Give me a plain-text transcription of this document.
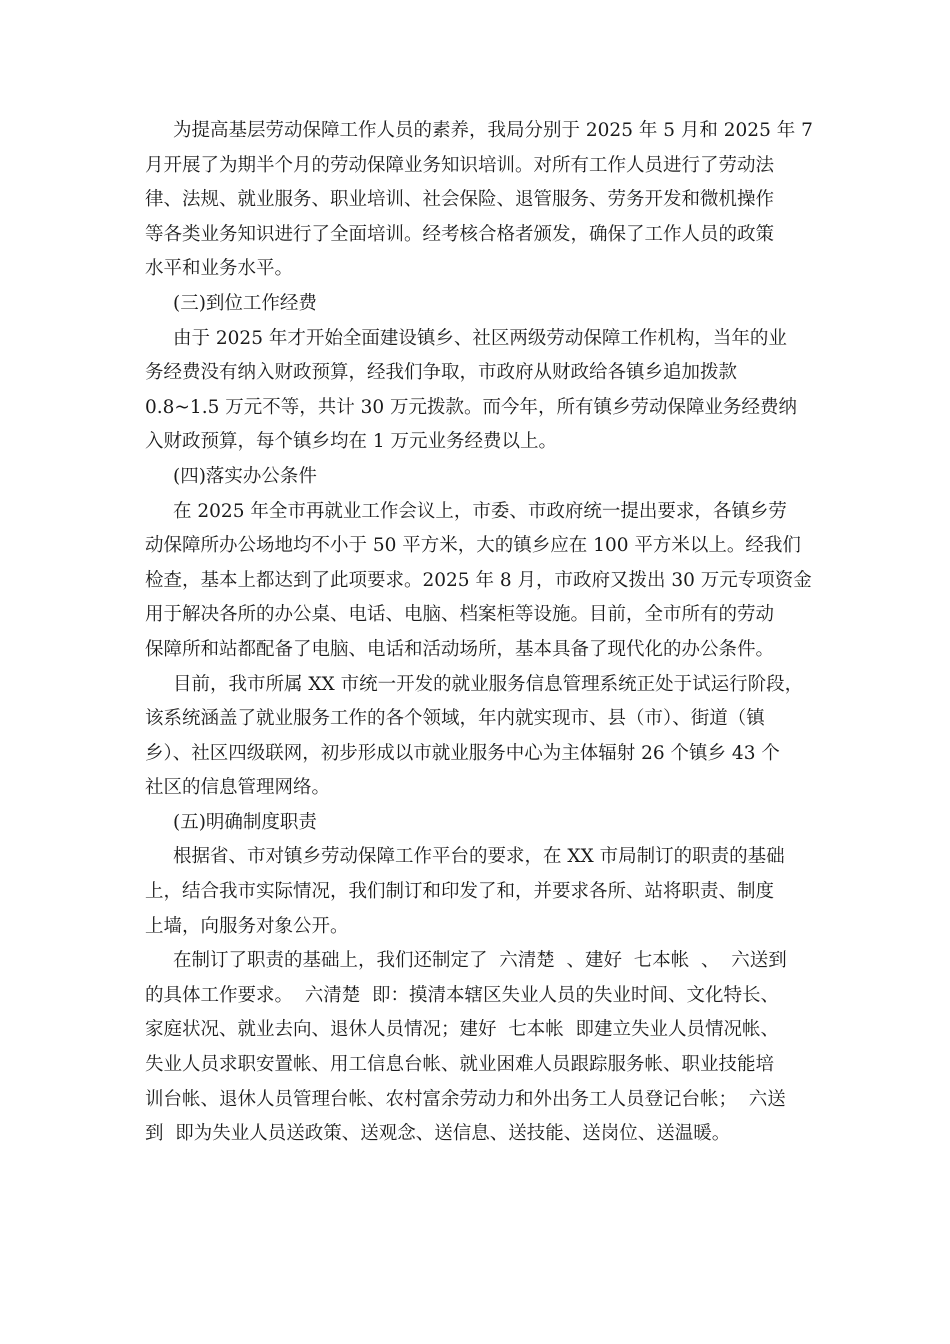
为提高基层劳动保障工作人员的素养，我局分别于 2025 年 5 月和 2025 年 7
月开展了为期半个月的劳动保障业务知识培训。对所有工作人员进行了劳动法
律、法规、就业服务、职业培训、社会保险、退管服务、劳务开发和微机操作
等各类业务知识进行了全面培训。经考核合格者颁发，确保了工作人员的政策
水平和业务水平。
(三)到位工作经费
由于 2025 年才开始全面建设镇乡、社区两级劳动保障工作机构，当年的业
务经费没有纳入财政预算，经我们争取，市政府从财政给各镇乡追加拨款
0.8~1.5 万元不等，共计 30 万元拨款。而今年，所有镇乡劳动保障业务经费纳
入财政预算，每个镇乡均在 1 万元业务经费以上。
(四)落实办公条件
在 2025 年全市再就业工作会议上，市委、市政府统一提出要求，各镇乡劳
动保障所办公场地均不小于 50 平方米，大的镇乡应在 100 平方米以上。经我们
检查，基本上都达到了此项要求。2025 年 8 月，市政府又拨出 30 万元专项资金
用于解决各所的办公桌、电话、电脑、档案柜等设施。目前，全市所有的劳动
保障所和站都配备了电脑、电话和活动场所，基本具备了现代化的办公条件。
目前，我市所属 XX 市统一开发的就业服务信息管理系统正处于试运行阶段，
该系统涵盖了就业服务工作的各个领域，年内就实现市、县（市）、街道（镇
乡）、社区四级联网，初步形成以市就业服务中心为主体辐射 26 个镇乡 43 个
社区的信息管理网络。
(五)明确制度职责
根据省、市对镇乡劳动保障工作平台的要求，在 XX 市局制订的职责的基础
上，结合我市实际情况，我们制订和印发了和，并要求各所、站将职责、制度
上墙，向服务对象公开。
在制订了职责的基础上，我们还制定了  六清楚  、建好  七本帐  、  六送到
的具体工作要求。  六清楚  即：摸清本辖区失业人员的失业时间、文化特长、
家庭状况、就业去向、退休人员情况；建好  七本帐  即建立失业人员情况帐、
失业人员求职安置帐、用工信息台帐、就业困难人员跟踪服务帐、职业技能培
训台帐、退休人员管理台帐、农村富余劳动力和外出务工人员登记台帐；  六送
到  即为失业人员送政策、送观念、送信息、送技能、送岗位、送温暖。
